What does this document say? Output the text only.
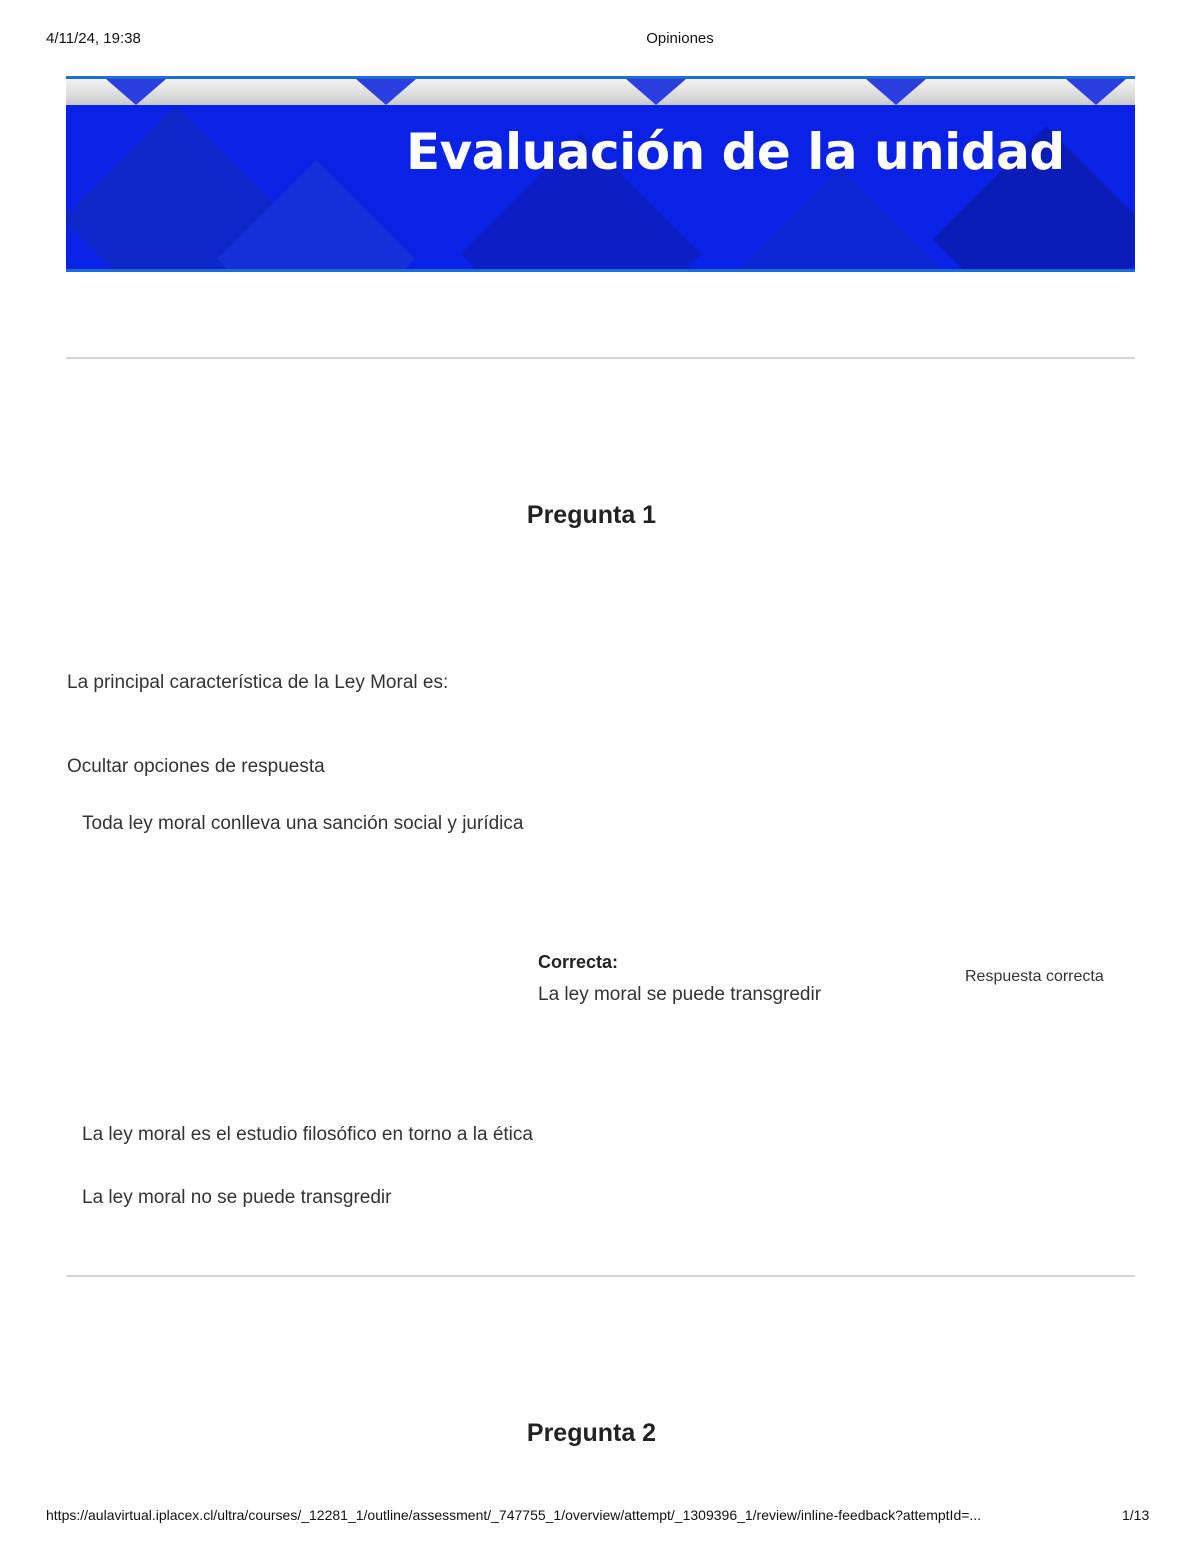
4/11/24, 19:38	Opiniones
Evaluación de la unidad
Pregunta 1
La principal característica de la Ley Moral es:
Ocultar opciones de respuesta
Toda ley moral conlleva una sanción social y jurídica
Correcta:
La ley moral se puede transgredir
Respuesta correcta
La ley moral es el estudio filosófico en torno a la ética
La ley moral no se puede transgredir
Pregunta 2
https://aulavirtual.iplacex.cl/ultra/courses/_12281_1/outline/assessment/_747755_1/overview/attempt/_1309396_1/review/inline-feedback?attemptId=...	1/13
